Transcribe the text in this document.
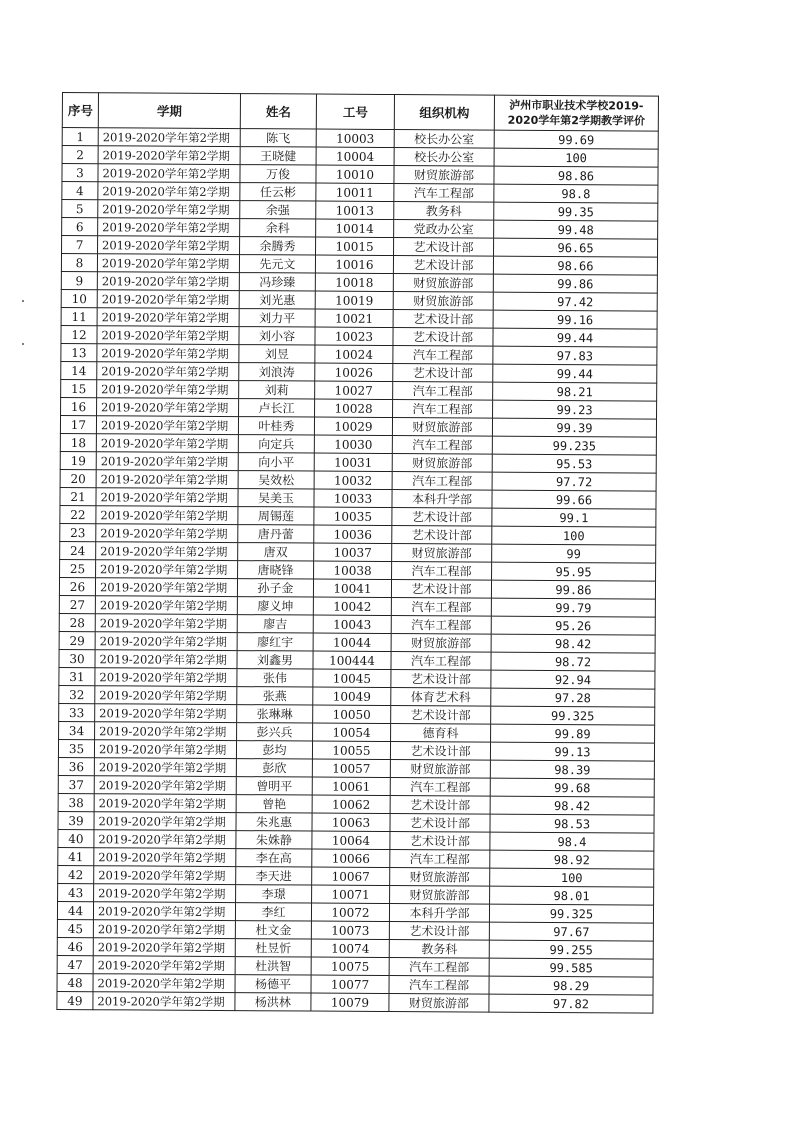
序号	学期	姓名	工号	组织机构	泸州市职业技术学校2019-2020学年第2学期教学评价
1	2019-2020学年第2学期	陈飞	10003	校长办公室	99.69
2	2019-2020学年第2学期	王晓健	10004	校长办公室	100
3	2019-2020学年第2学期	万俊	10010	财贸旅游部	98.86
4	2019-2020学年第2学期	任云彬	10011	汽车工程部	98.8
5	2019-2020学年第2学期	余强	10013	教务科	99.35
6	2019-2020学年第2学期	余科	10014	党政办公室	99.48
7	2019-2020学年第2学期	余腾秀	10015	艺术设计部	96.65
8	2019-2020学年第2学期	先元文	10016	艺术设计部	98.66
9	2019-2020学年第2学期	冯珍臻	10018	财贸旅游部	99.86
10	2019-2020学年第2学期	刘光惠	10019	财贸旅游部	97.42
11	2019-2020学年第2学期	刘力平	10021	艺术设计部	99.16
12	2019-2020学年第2学期	刘小容	10023	艺术设计部	99.44
13	2019-2020学年第2学期	刘昱	10024	汽车工程部	97.83
14	2019-2020学年第2学期	刘浪涛	10026	艺术设计部	99.44
15	2019-2020学年第2学期	刘莉	10027	汽车工程部	98.21
16	2019-2020学年第2学期	卢长江	10028	汽车工程部	99.23
17	2019-2020学年第2学期	叶桂秀	10029	财贸旅游部	99.39
18	2019-2020学年第2学期	向定兵	10030	汽车工程部	99.235
19	2019-2020学年第2学期	向小平	10031	财贸旅游部	95.53
20	2019-2020学年第2学期	吴效松	10032	汽车工程部	97.72
21	2019-2020学年第2学期	吴美玉	10033	本科升学部	99.66
22	2019-2020学年第2学期	周锡莲	10035	艺术设计部	99.1
23	2019-2020学年第2学期	唐丹蕾	10036	艺术设计部	100
24	2019-2020学年第2学期	唐双	10037	财贸旅游部	99
25	2019-2020学年第2学期	唐晓锋	10038	汽车工程部	95.95
26	2019-2020学年第2学期	孙子金	10041	艺术设计部	99.86
27	2019-2020学年第2学期	廖义坤	10042	汽车工程部	99.79
28	2019-2020学年第2学期	廖吉	10043	汽车工程部	95.26
29	2019-2020学年第2学期	廖红宇	10044	财贸旅游部	98.42
30	2019-2020学年第2学期	刘鑫男	100444	汽车工程部	98.72
31	2019-2020学年第2学期	张伟	10045	艺术设计部	92.94
32	2019-2020学年第2学期	张燕	10049	体育艺术科	97.28
33	2019-2020学年第2学期	张琳琳	10050	艺术设计部	99.325
34	2019-2020学年第2学期	彭兴兵	10054	德育科	99.89
35	2019-2020学年第2学期	彭均	10055	艺术设计部	99.13
36	2019-2020学年第2学期	彭欣	10057	财贸旅游部	98.39
37	2019-2020学年第2学期	曾明平	10061	汽车工程部	99.68
38	2019-2020学年第2学期	曾艳	10062	艺术设计部	98.42
39	2019-2020学年第2学期	朱兆惠	10063	艺术设计部	98.53
40	2019-2020学年第2学期	朱姝静	10064	艺术设计部	98.4
41	2019-2020学年第2学期	李在高	10066	汽车工程部	98.92
42	2019-2020学年第2学期	李天进	10067	财贸旅游部	100
43	2019-2020学年第2学期	李璟	10071	财贸旅游部	98.01
44	2019-2020学年第2学期	李红	10072	本科升学部	99.325
45	2019-2020学年第2学期	杜文金	10073	艺术设计部	97.67
46	2019-2020学年第2学期	杜昱忻	10074	教务科	99.255
47	2019-2020学年第2学期	杜洪智	10075	汽车工程部	99.585
48	2019-2020学年第2学期	杨德平	10077	汽车工程部	98.29
49	2019-2020学年第2学期	杨洪林	10079	财贸旅游部	97.82
